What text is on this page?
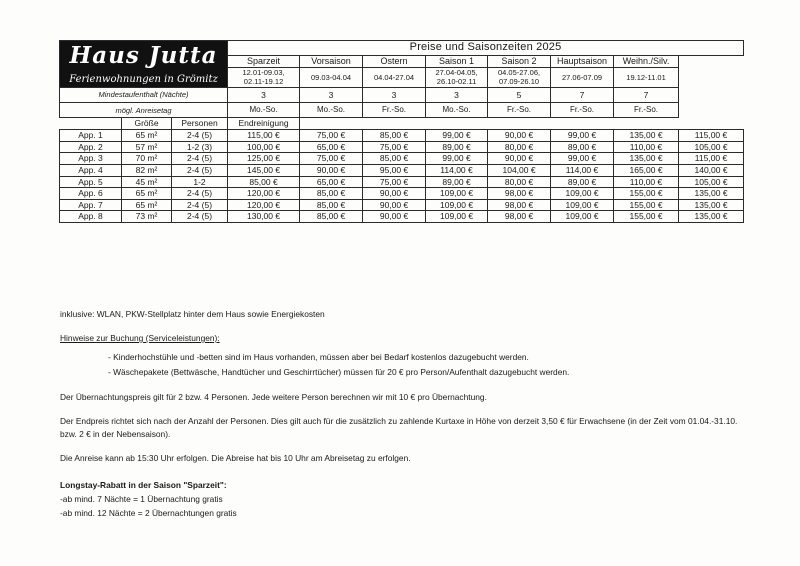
Haus Jutta
Ferienwohnungen in Grömitz			Preise und Saisonzeiten 2025							
			Sparzeit	Vorsaison	Ostern	Saison 1	Saison 2	Hauptsaison	Weihn./Silv.
			12.01-09.03,
02.11-19.12	09.03-04.04	04.04-27.04	27.04-04.05,
26.10-02.11	04.05-27.06,
07.09-26.10	27.06-07.09	19.12-11.01
Mindestaufenthalt (Nächte)			3	3	3	3	5	7	7	
mögl. Anreisetag			Mo.-So.	Mo.-So.	Fr.-So.	Mo.-So.	Fr.-So.	Fr.-So.	Fr.-So.	
	Größe	Personen	Endreinigung							
App. 1	65 m²	2-4 (5)	115,00 €	75,00 €	85,00 €	99,00 €	90,00 €	99,00 €	135,00 €	115,00 €
App. 2	57 m²	1-2 (3)	100,00 €	65,00 €	75,00 €	89,00 €	80,00 €	89,00 €	110,00 €	105,00 €
App. 3	70 m²	2-4 (5)	125,00 €	75,00 €	85,00 €	99,00 €	90,00 €	99,00 €	135,00 €	115,00 €
App. 4	82 m²	2-4 (5)	145,00 €	90,00 €	95,00 €	114,00 €	104,00 €	114,00 €	165,00 €	140,00 €
App. 5	45 m²	1-2	85,00 €	65,00 €	75,00 €	89,00 €	80,00 €	89,00 €	110,00 €	105,00 €
App. 6	65 m²	2-4 (5)	120,00 €	85,00 €	90,00 €	109,00 €	98,00 €	109,00 €	155,00 €	135,00 €
App. 7	65 m²	2-4 (5)	120,00 €	85,00 €	90,00 €	109,00 €	98,00 €	109,00 €	155,00 €	135,00 €
App. 8	73 m²	2-4 (5)	130,00 €	85,00 €	90,00 €	109,00 €	98,00 €	109,00 €	155,00 €	135,00 €
inklusive: WLAN, PKW-Stellplatz hinter dem Haus sowie Energiekosten
Hinweise zur Buchung (Serviceleistungen):
- Kinderhochstühle und -betten sind im Haus vorhanden, müssen aber bei Bedarf kostenlos dazugebucht werden.
- Wäschepakete (Bettwäsche, Handtücher und Geschirrtücher) müssen für 20 € pro Person/Aufenthalt dazugebucht werden.
Der Übernachtungspreis gilt für 2 bzw. 4 Personen. Jede weitere Person berechnen wir mit 10 € pro Übernachtung.
Der Endpreis richtet sich nach der Anzahl der Personen. Dies gilt auch für die zusätzlich zu zahlende Kurtaxe in Höhe von derzeit 3,50 € für Erwachsene (in der Zeit vom 01.04.-31.10. bzw. 2 € in der Nebensaison).
Die Anreise kann ab 15:30 Uhr erfolgen. Die Abreise hat bis 10 Uhr am Abreisetag zu erfolgen.
Longstay-Rabatt in der Saison "Sparzeit":
-ab mind. 7 Nächte = 1 Übernachtung gratis
-ab mind. 12 Nächte = 2 Übernachtungen gratis
